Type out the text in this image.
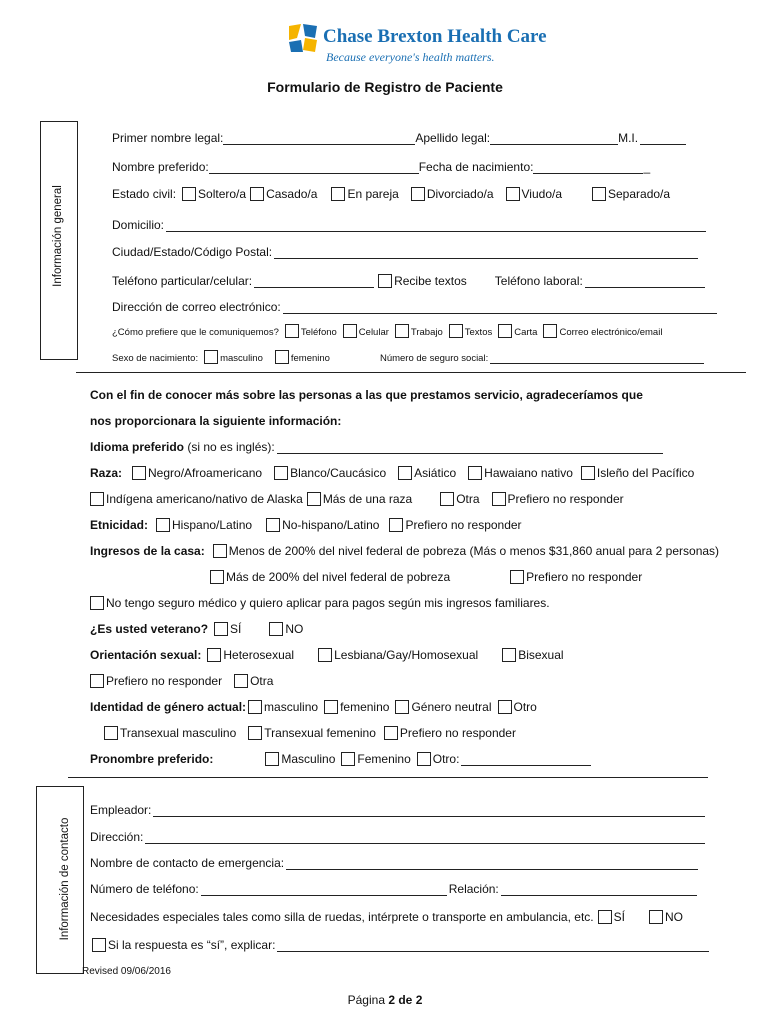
Chase Brexton Health Care
Because everyone's health matters.
Formulario de Registro de Paciente
Información general
Primer nombre legal:	Apellido legal:	M.I.
Nombre preferido:	Fecha de nacimiento:	_
Estado civil: Soltero/a Casado/a	En pareja Divorciado/a Viudo/a	Separado/a
Domicilio:
Ciudad/Estado/Código Postal:
Teléfono particular/celular:	Recibe textos Teléfono laboral:
Dirección de correo electrónico:
¿Cómo prefiere que le comuniquemos? Teléfono Celular Trabajo Textos Carta Correo electrónico/email
Sexo de nacimiento: masculino	femenino	Número de seguro social:
Con el fin de conocer más sobre las personas a las que prestamos servicio, agradeceríamos que
nos proporcionara la siguiente información:
Idioma preferido
(si no es inglés):
Raza: Negro/Afroamericano Blanco/Caucásico Asiático Hawaiano nativo Isleño del Pacífico
Indígena americano/nativo de Alaska Más de una raza	Otra Prefiero no responder
Etnicidad: Hispano/Latino	No-hispano/Latino Prefiero no responder
Ingresos de la casa: Menos de 200% del nivel federal de pobreza (Más o menos $31,860 anual para 2 personas)
Más de 200% del nivel federal de pobreza	Prefiero no responder
No tengo seguro médico y quiero aplicar para pagos según mis ingresos familiares.
¿Es usted veterano? SÍ	NO
Orientación sexual: Heterosexual	Lesbiana/Gay/Homosexual	Bisexual
Prefiero no responder Otra
Identidad de género actual: masculino femenino Género neutral Otro
Transexual masculino Transexual femenino Prefiero no responder
Pronombre preferido:	Masculino Femenino Otro:
Información de contacto
Empleador:
Dirección:
Nombre de contacto de emergencia:
Número de teléfono:	Relación:
Necesidades especiales tales como silla de ruedas, intérprete o transporte en ambulancia, etc. SÍ	NO
Si la respuesta es “sí”, explicar:
Revised 09/06/2016
Página 2 de 2
